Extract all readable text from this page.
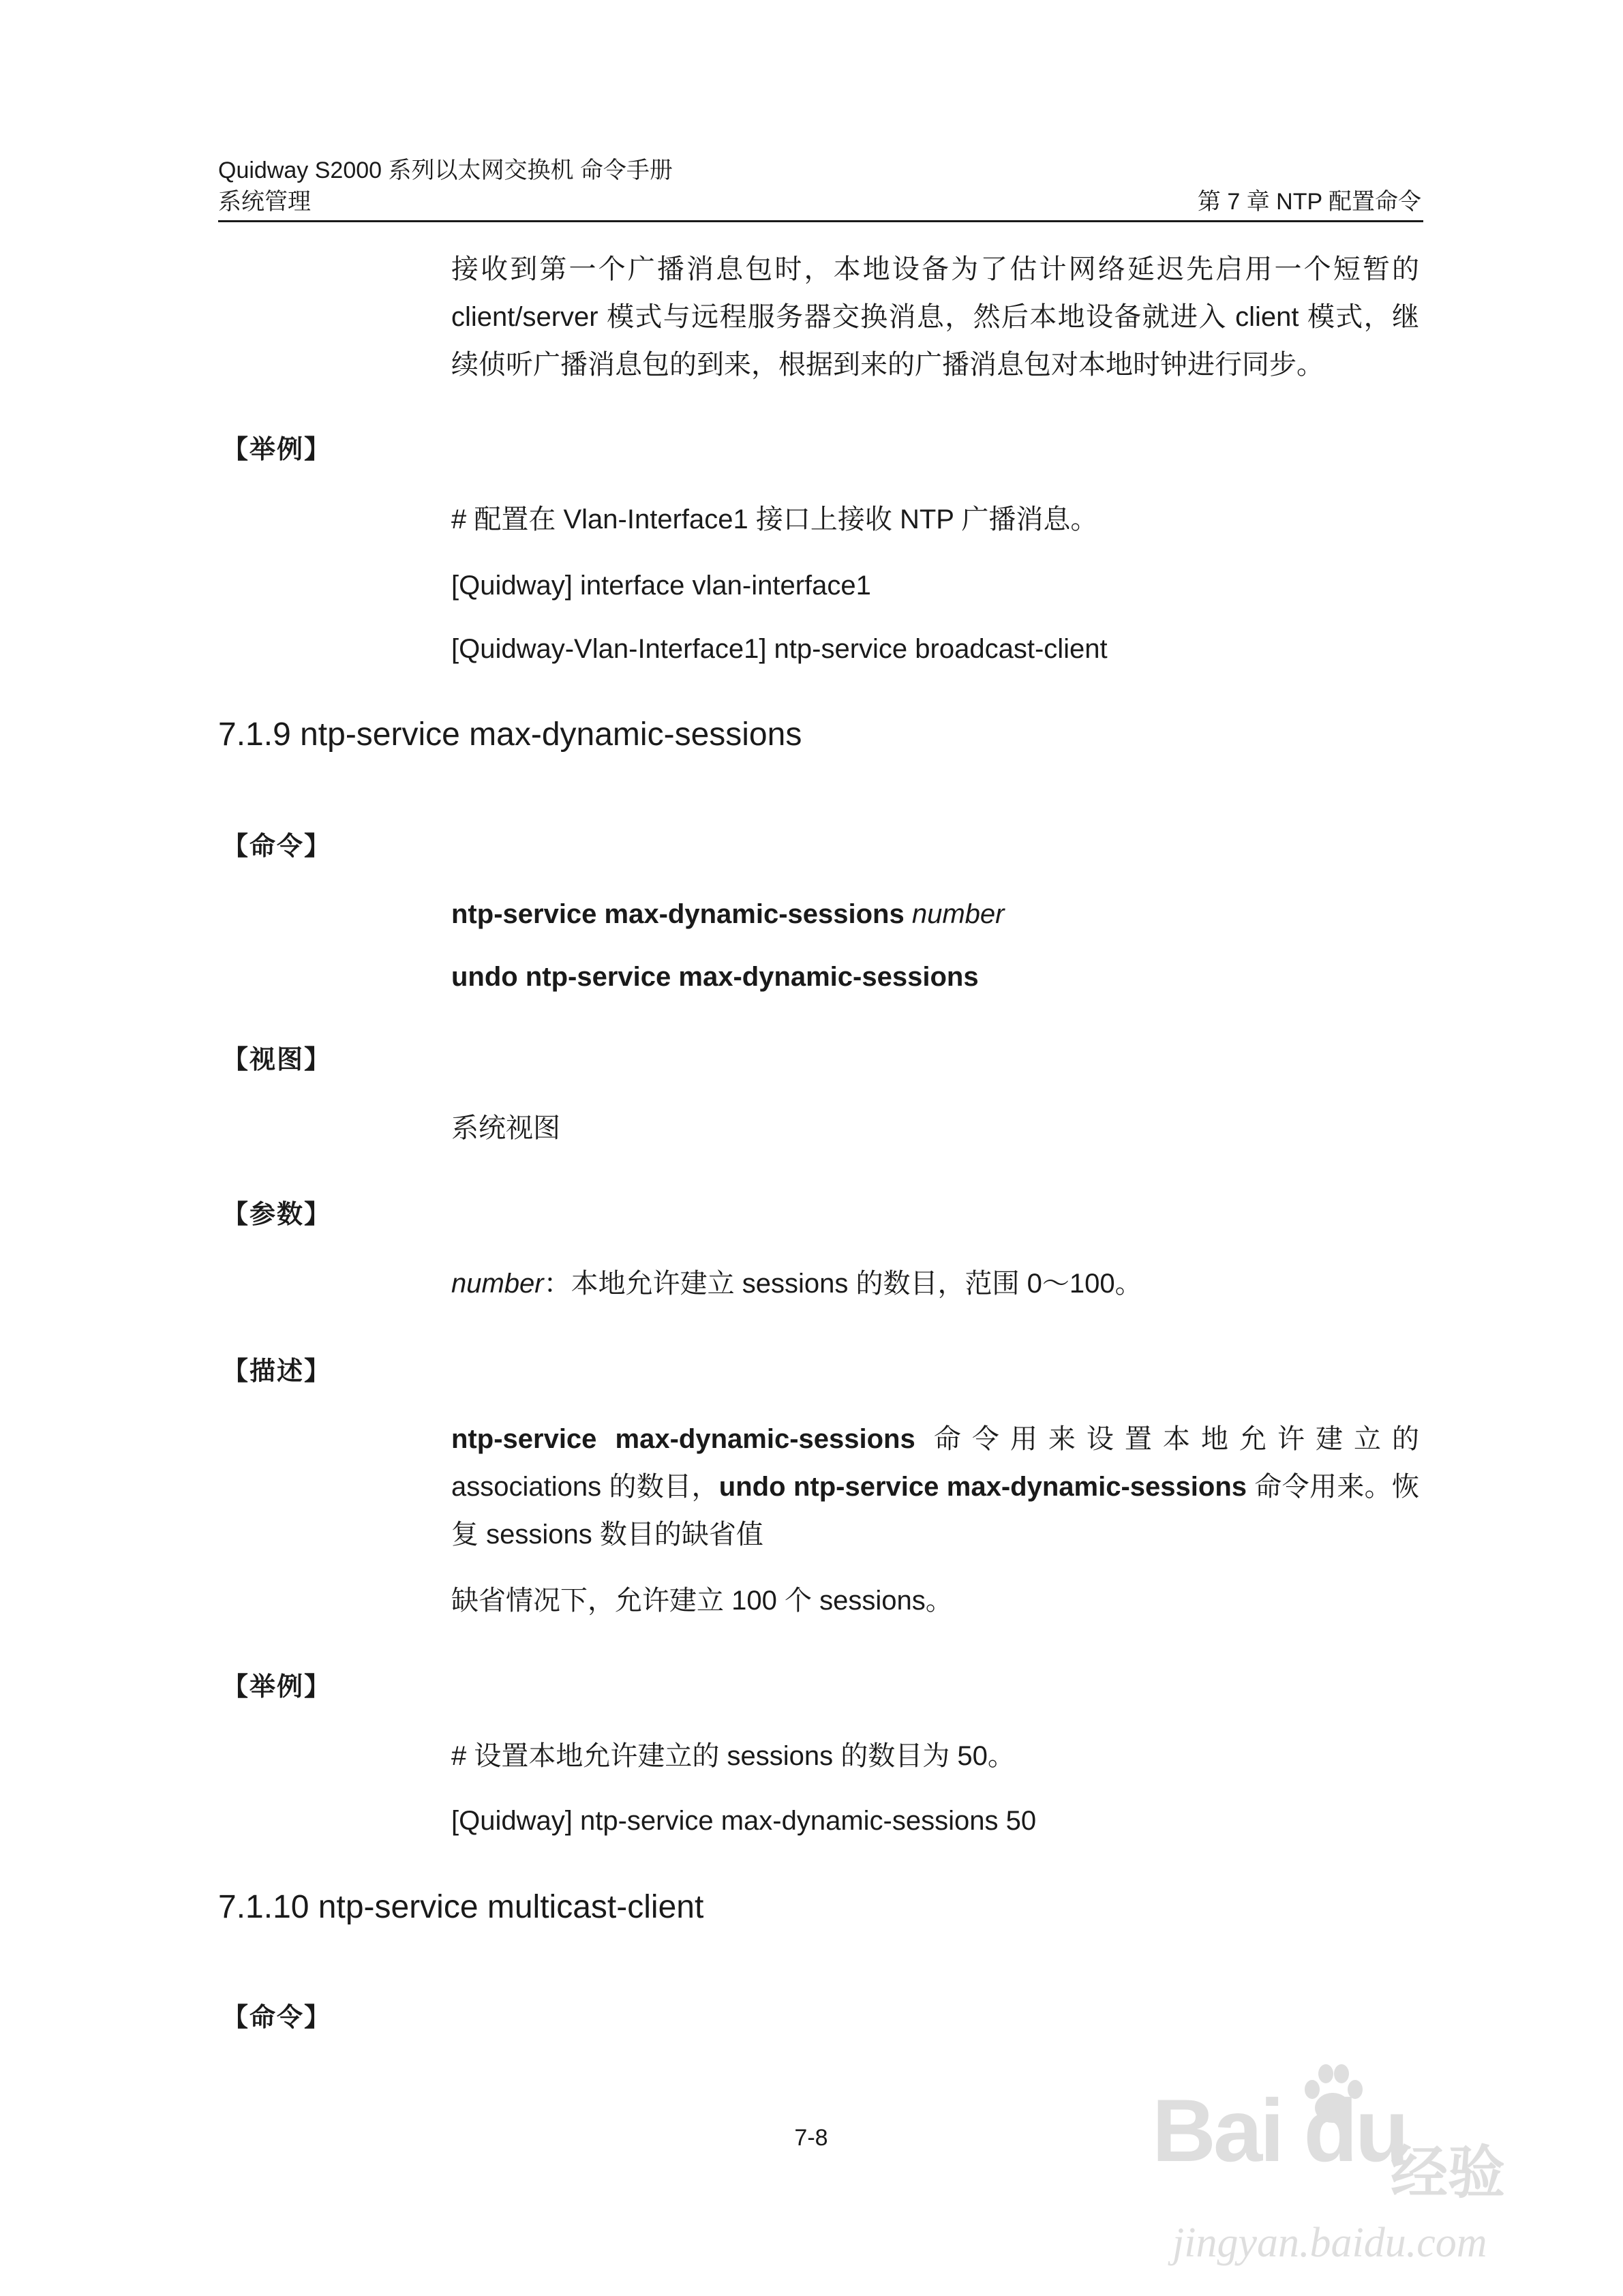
Quidway S2000 系列以太网交换机 命令手册
系统管理	第 7 章 NTP 配置命令
接收到第一个广播消息包时，本地设备为了估计网络延迟先启用一个短暂的client/server 模式与远程服务器交换消息，然后本地设备就进入 client 模式，继续侦听广播消息包的到来，根据到来的广播消息包对本地时钟进行同步。
【举例】
# 配置在 Vlan-Interface1 接口上接收 NTP 广播消息。
[Quidway] interface vlan-interface1
[Quidway-Vlan-Interface1] ntp-service broadcast-client
7.1.9 ntp-service max-dynamic-sessions
【命令】
ntp-service max-dynamic-sessions number
undo ntp-service max-dynamic-sessions
【视图】
系统视图
【参数】
number：本地允许建立 sessions 的数目，范围 0～100。
【描述】
ntp-service max-dynamic-sessions 命令用来设置本地允许建立的 associations 的数目，undo ntp-service max-dynamic-sessions 命令用来。恢复 sessions 数目的缺省值
缺省情况下，允许建立 100 个 sessions。
【举例】
# 设置本地允许建立的 sessions 的数目为 50。
[Quidway] ntp-service max-dynamic-sessions 50
7.1.10 ntp-service multicast-client
【命令】
7-8	Bai du
经验
jingyan.baidu.com
